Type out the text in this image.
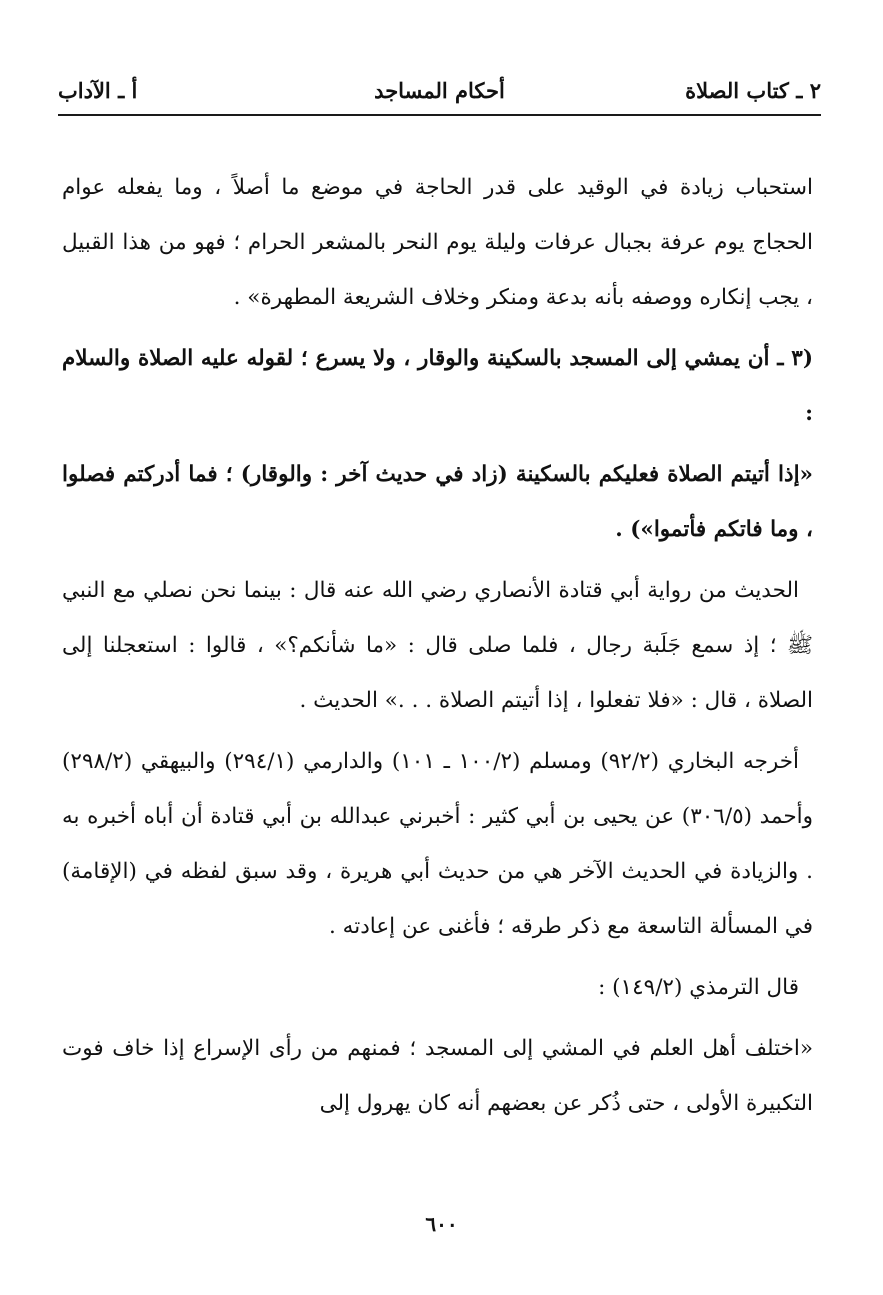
٢ ـ كتاب الصلاة
أحكام المساجد
أ ـ الآداب

استحباب زيادة في الوقيد على قدر الحاجة في موضع ما أصلاً ، وما يفعله عوام الحجاج يوم عرفة بجبال عرفات وليلة يوم النحر بالمشعر الحرام ؛ فهو من هذا القبيل ، يجب إنكاره ووصفه بأنه بدعة ومنكر وخلاف الشريعة المطهرة» .

(٣ ـ أن يمشي إلى المسجد بالسكينة والوقار ، ولا يسرع ؛ لقوله عليه الصلاة والسلام :

«إذا أتيتم الصلاة فعليكم بالسكينة (زاد في حديث آخر : والوقار) ؛ فما أدركتم فصلوا ، وما فاتكم فأتموا») .

الحديث من رواية أبي قتادة الأنصاري رضي الله عنه قال : بينما نحن نصلي مع النبي ﷺ ؛ إذ سمع جَلَبة رجال ، فلما صلى قال : «ما شأنكم؟» ، قالوا : استعجلنا إلى الصلاة ، قال : «فلا تفعلوا ، إذا أتيتم الصلاة . . .» الحديث .

أخرجه البخاري (٩٢/٢) ومسلم (١٠٠/٢ ـ ١٠١) والدارمي (٢٩٤/١) والبيهقي (٢٩٨/٢) وأحمد (٣٠٦/٥) عن يحيى بن أبي كثير : أخبرني عبدالله بن أبي قتادة أن أباه أخبره به . والزيادة في الحديث الآخر هي من حديث أبي هريرة ، وقد سبق لفظه في (الإقامة) في المسألة التاسعة مع ذكر طرقه ؛ فأغنى عن إعادته .

قال الترمذي (١٤٩/٢) :

«اختلف أهل العلم في المشي إلى المسجد ؛ فمنهم من رأى الإسراع إذا خاف فوت التكبيرة الأولى ، حتى ذُكر عن بعضهم أنه كان يهرول إلى

٦٠٠
